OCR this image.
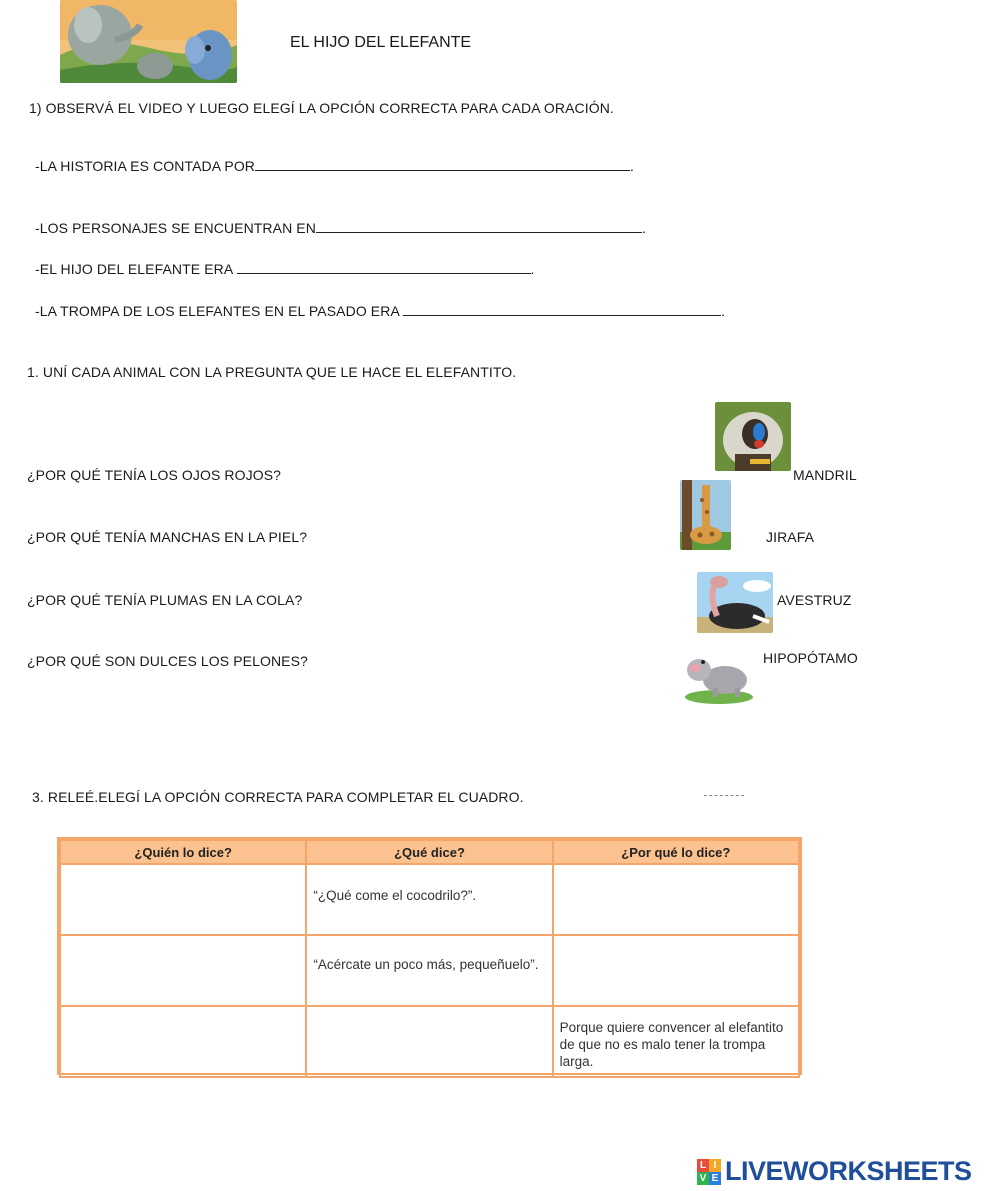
EL HIJO DEL ELEFANTE
1) OBSERVÁ EL VIDEO Y LUEGO ELEGÍ LA OPCIÓN CORRECTA PARA CADA ORACIÓN.
-LA HISTORIA ES CONTADA POR	.
-LOS PERSONAJES SE ENCUENTRAN EN	.
-EL HIJO DEL ELEFANTE ERA	.
-LA TROMPA DE LOS ELEFANTES EN EL PASADO ERA	.
1. UNÍ CADA ANIMAL CON LA PREGUNTA QUE LE HACE EL ELEFANTITO.
¿POR QUÉ TENÍA LOS OJOS ROJOS?
¿POR QUÉ TENÍA MANCHAS EN LA PIEL?
¿POR QUÉ TENÍA PLUMAS EN LA COLA?
¿POR QUÉ SON DULCES LOS PELONES?
MANDRIL
JIRAFA
AVESTRUZ
HIPOPÓTAMO
3. RELEÉ.ELEGÍ LA OPCIÓN CORRECTA PARA COMPLETAR EL CUADRO.
¿Quién lo dice?	¿Qué dice?	¿Por qué lo dice?
	“¿Qué come el cocodrilo?”.	
	“Acércate un poco más, pequeñuelo”.	
		Porque quiere convencer al elefantito de que no es malo tener la trompa larga.
L I
V E LIVEWORKSHEETS
